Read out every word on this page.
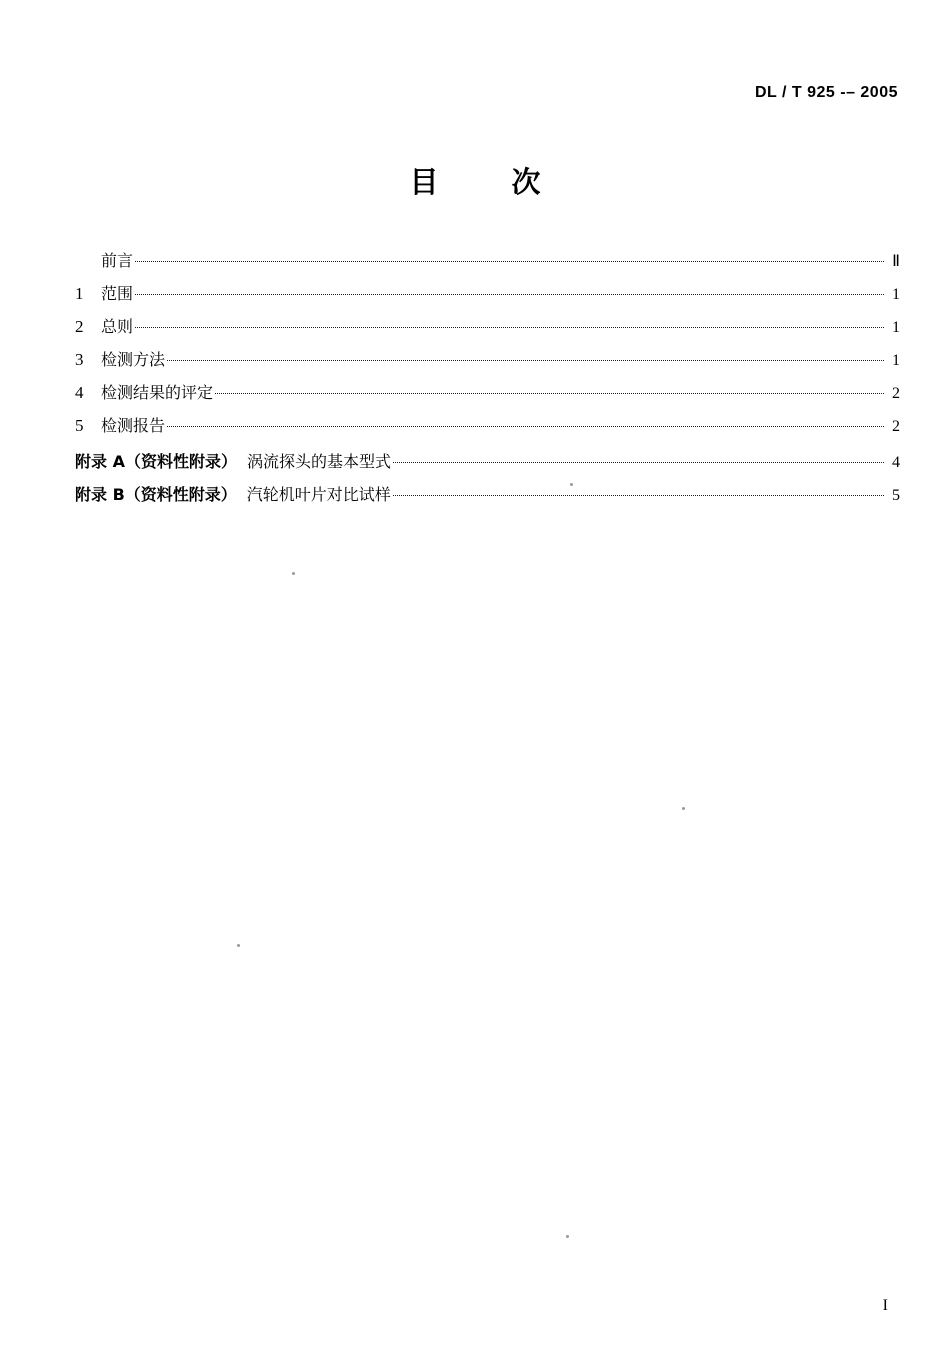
DL / T 925 -– 2005
目　次
前言	Ⅱ
1	范围	1
2	总则	1
3	检测方法	1
4	检测结果的评定	2
5	检测报告	2
附录 A（资料性附录） 涡流探头的基本型式	4
附录 B（资料性附录） 汽轮机叶片对比试样	5
I
